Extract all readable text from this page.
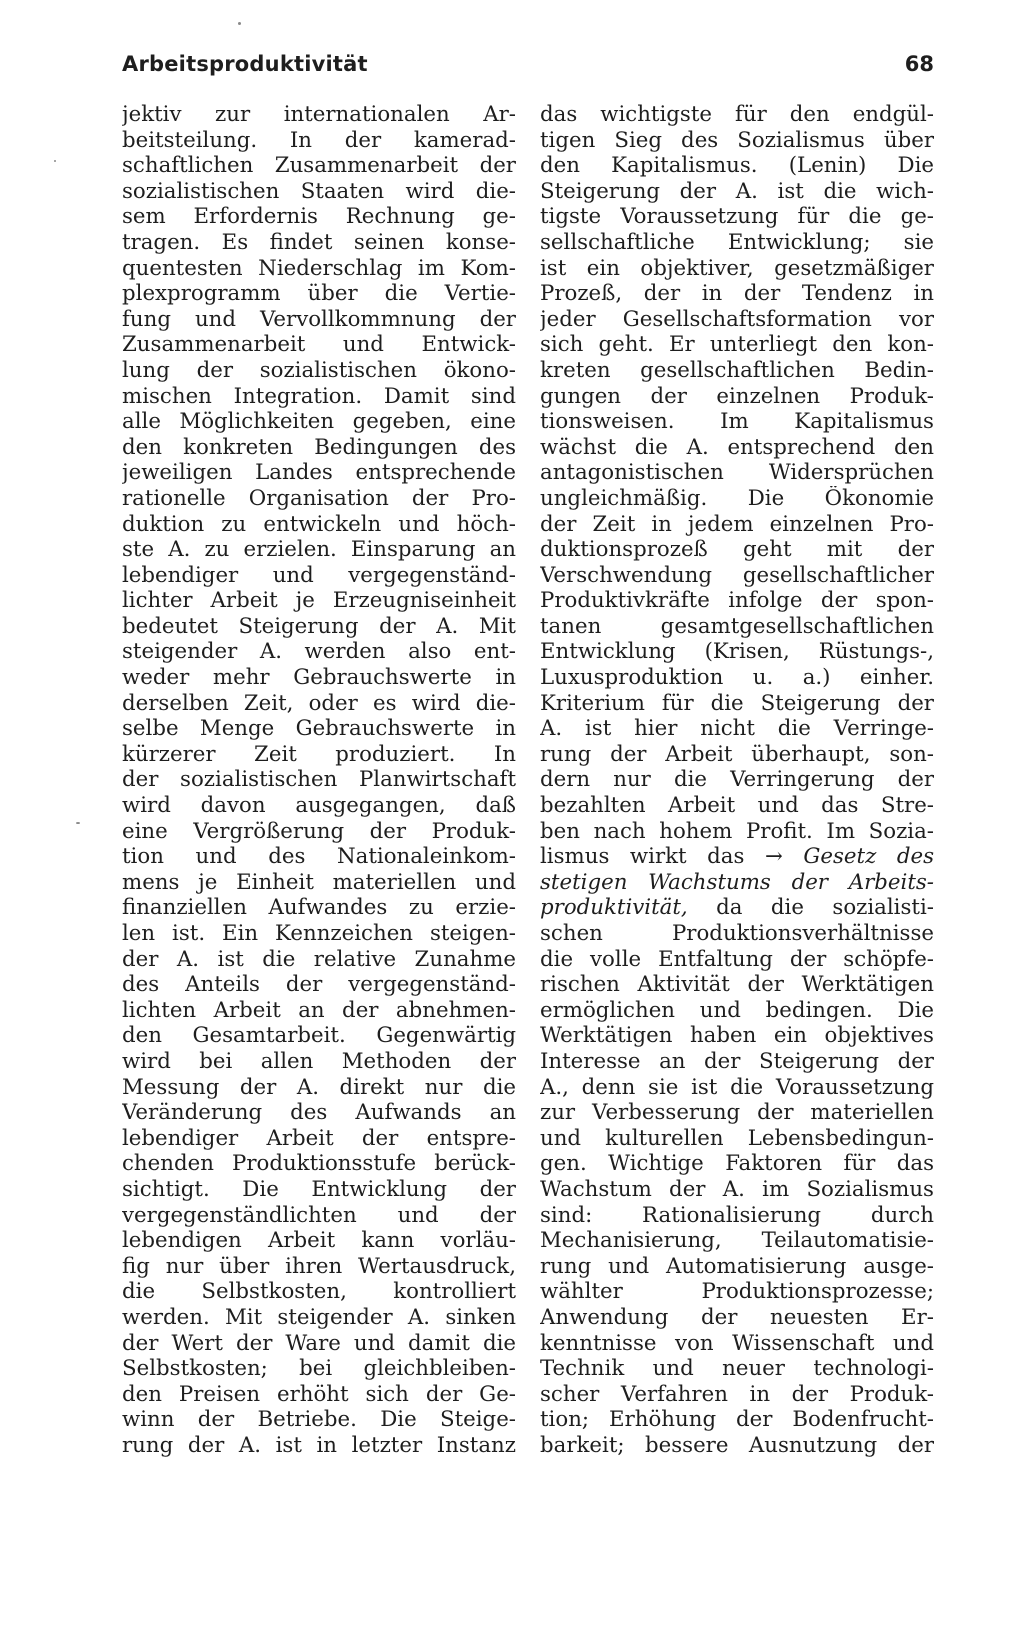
Arbeitsproduktivität	68
jektiv zur internationalen Ar-
beitsteilung. In der kamerad-
schaftlichen Zusammenarbeit der
sozialistischen Staaten wird die-
sem Erfordernis Rechnung ge-
tragen. Es findet seinen konse-
quentesten Niederschlag im Kom-
plexprogramm über die Vertie-
fung und Vervollkommnung der
Zusammenarbeit und Entwick-
lung der sozialistischen ökono-
mischen Integration. Damit sind
alle Möglichkeiten gegeben, eine
den konkreten Bedingungen des
jeweiligen Landes entsprechende
rationelle Organisation der Pro-
duktion zu entwickeln und höch-
ste A. zu erzielen. Einsparung an
lebendiger und vergegenständ-
lichter Arbeit je Erzeugniseinheit
bedeutet Steigerung der A. Mit
steigender A. werden also ent-
weder mehr Gebrauchswerte in
derselben Zeit, oder es wird die-
selbe Menge Gebrauchswerte in
kürzerer Zeit produziert. In
der sozialistischen Planwirtschaft
wird davon ausgegangen, daß
eine Vergrößerung der Produk-
tion und des Nationaleinkom-
mens je Einheit materiellen und
finanziellen Aufwandes zu erzie-
len ist. Ein Kennzeichen steigen-
der A. ist die relative Zunahme
des Anteils der vergegenständ-
lichten Arbeit an der abnehmen-
den Gesamtarbeit. Gegenwärtig
wird bei allen Methoden der
Messung der A. direkt nur die
Veränderung des Aufwands an
lebendiger Arbeit der entspre-
chenden Produktionsstufe berück-
sichtigt. Die Entwicklung der
vergegenständlichten und der
lebendigen Arbeit kann vorläu-
fig nur über ihren Wertausdruck,
die Selbstkosten, kontrolliert
werden. Mit steigender A. sinken
der Wert der Ware und damit die
Selbstkosten; bei gleichbleiben-
den Preisen erhöht sich der Ge-
winn der Betriebe. Die Steige-
rung der A. ist in letzter Instanz
das wichtigste für den endgül-
tigen Sieg des Sozialismus über
den Kapitalismus. (Lenin) Die
Steigerung der A. ist die wich-
tigste Voraussetzung für die ge-
sellschaftliche Entwicklung; sie
ist ein objektiver, gesetzmäßiger
Prozeß, der in der Tendenz in
jeder Gesellschaftsformation vor
sich geht. Er unterliegt den kon-
kreten gesellschaftlichen Bedin-
gungen der einzelnen Produk-
tionsweisen. Im Kapitalismus
wächst die A. entsprechend den
antagonistischen Widersprüchen
ungleichmäßig. Die Ökonomie
der Zeit in jedem einzelnen Pro-
duktionsprozeß geht mit der
Verschwendung gesellschaftlicher
Produktivkräfte infolge der spon-
tanen gesamtgesellschaftlichen
Entwicklung (Krisen, Rüstungs-,
Luxusproduktion u. a.) einher.
Kriterium für die Steigerung der
A. ist hier nicht die Verringe-
rung der Arbeit überhaupt, son-
dern nur die Verringerung der
bezahlten Arbeit und das Stre-
ben nach hohem Profit. Im Sozia-
lismus wirkt das → Gesetz des
stetigen Wachstums der Arbeits-
produktivität, da die sozialisti-
schen Produktionsverhältnisse
die volle Entfaltung der schöpfe-
rischen Aktivität der Werktätigen
ermöglichen und bedingen. Die
Werktätigen haben ein objektives
Interesse an der Steigerung der
A., denn sie ist die Voraussetzung
zur Verbesserung der materiellen
und kulturellen Lebensbedingun-
gen. Wichtige Faktoren für das
Wachstum der A. im Sozialismus
sind: Rationalisierung durch
Mechanisierung, Teilautomatisie-
rung und Automatisierung ausge-
wählter Produktionsprozesse;
Anwendung der neuesten Er-
kenntnisse von Wissenschaft und
Technik und neuer technologi-
scher Verfahren in der Produk-
tion; Erhöhung der Bodenfrucht-
barkeit; bessere Ausnutzung der
